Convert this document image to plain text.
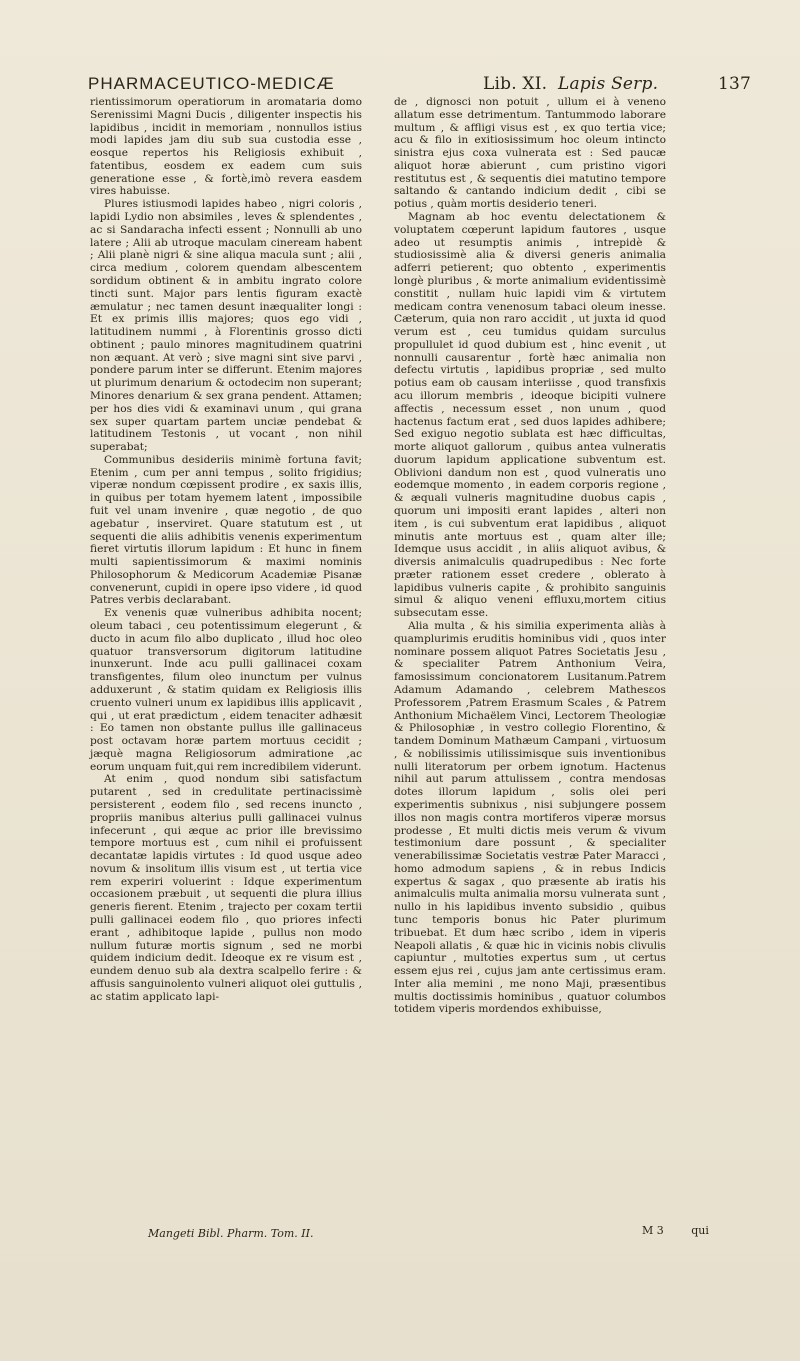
PHARMACEUTICO-MEDICÆ	Lib. XI. Lapis Serp.	137

rientissimorum operatiorum in aromataria domo Serenissimi Magni Ducis , diligenter inspectis his lapidibus , incidit in memoriam , nonnullos istius modi lapides jam diu sub sua custodia esse , eosque repertos his Religiosis exhibuit , fatentibus, eosdem ex eadem cum suis generatione esse , & fortè,imò revera easdem vires habuisse.

Plures istiusmodi lapides habeo , nigri coloris , lapidi Lydio non absimiles , leves & splendentes , ac si Sandaracha infecti essent ; Nonnulli ab uno latere ; Alii ab utroque maculam cineream habent ; Alii planè nigri & sine aliqua macula sunt ; alii , circa medium , colorem quendam albescentem sordidum obtinent & in ambitu ingrato colore tincti sunt. Major pars lentis figuram exactè æmulatur ; nec tamen desunt inæqualiter longi : Et ex primis illis majores; quos ego vidi , latitudinem nummi , à Florentinis grosso dicti obtinent ; paulo minores magnitudinem quatrini non æquant. At verò ; sive magni sint sive parvi , pondere parum inter se differunt. Etenim majores ut plurimum denarium & octodecim non superant; Minores denarium & sex grana pendent. Attamen; per hos dies vidi & examinavi unum , qui grana sex super quartam partem unciæ pendebat & latitudinem Testonis , ut vocant , non nihil superabat;

Communibus desideriis minimè fortuna favit; Etenim , cum per anni tempus , solito frigidius; viperæ nondum cœpissent prodire , ex saxis illis, in quibus per totam hyemem latent , impossibile fuit vel unam invenire , quæ negotio , de quo agebatur , inserviret. Quare statutum est , ut sequenti die aliis adhibitis venenis experimentum fieret virtutis illorum lapidum : Et hunc in finem multi sapientissimorum & maximi nominis Philosophorum & Medicorum Academiæ Pisanæ convenerunt, cupidi in opere ipso videre , id quod Patres verbis declarabant.

Ex venenis quæ vulneribus adhibita nocent; oleum tabaci , ceu potentissimum elegerunt , & ducto in acum filo albo duplicato , illud hoc oleo quatuor transversorum digitorum latitudine inunxerunt. Inde acu pulli gallinacei coxam transfigentes, filum oleo inunctum per vulnus adduxerunt , & statim quidam ex Religiosis illis cruento vulneri unum ex lapidibus illis applicavit , qui , ut erat prædictum , eidem tenaciter adhæsit : Eo tamen non obstante pullus ille gallinaceus post octavam horæ partem mortuus cecidit ; jæquè magna Religiosorum admiratione ,ac eorum unquam fuit,qui rem incredibilem viderunt.

At enim , quod nondum sibi satisfactum putarent , sed in credulitate pertinacissimè persisterent , eodem filo , sed recens inuncto , propriis manibus alterius pulli gallinacei vulnus infecerunt , qui æque ac prior ille brevissimo tempore mortuus est , cum nihil ei profuissent decantatæ lapidis virtutes : Id quod usque adeo novum & insolitum illis visum est , ut tertia vice rem experiri voluerint : Idque experimentum occasionem præbuit , ut sequenti die plura illius generis fierent. Etenim , trajecto per coxam tertii pulli gallinacei eodem filo , quo priores infecti erant , adhibitoque lapide , pullus non modo nullum futuræ mortis signum , sed ne morbi quidem indicium dedit. Ideoque ex re visum est , eundem denuo sub ala dextra scalpello ferire : & affusis sanguinolento vulneri aliquot olei guttulis , ac statim applicato lapi-

de , dignosci non potuit , ullum ei à veneno allatum esse detrimentum. Tantummodo laborare multum , & affligi visus est , ex quo tertia vice; acu & filo in exitiosissimum hoc oleum intincto sinistra ejus coxa vulnerata est : Sed paucæ aliquot horæ abierunt , cum pristino vigori restitutus est , & sequentis diei matutino tempore saltando & cantando indicium dedit , cibi se potius , quàm mortis desiderio teneri.

Magnam ab hoc eventu delectationem & voluptatem cœperunt lapidum fautores , usque adeo ut resumptis animis , intrepidè & studiosissimè alia & diversi generis animalia adferri petierent; quo obtento , experimentis longè pluribus , & morte animalium evidentissimè constitit , nullam huic lapidi vim & virtutem medicam contra venenosum tabaci oleum inesse. Cæterum, quia non raro accidit , ut juxta id quod verum est , ceu tumidus quidam surculus propullulet id quod dubium est , hinc evenit , ut nonnulli causarentur , fortè hæc animalia non defectu virtutis , lapidibus propriæ , sed multo potius eam ob causam interiisse , quod transfixis acu illorum membris , ideoque bicipiti vulnere affectis , necessum esset , non unum , quod hactenus factum erat , sed duos lapides adhibere; Sed exiguo negotio sublata est hæc difficultas, morte aliquot gallorum , quibus antea vulneratis duorum lapidum applicatione subventum est. Oblivioni dandum non est , quod vulneratis uno eodemque momento , in eadem corporis regione , & æquali vulneris magnitudine duobus capis , quorum uni impositi erant lapides , alteri non item , is cui subventum erat lapidibus , aliquot minutis ante mortuus est , quam alter ille; Idemque usus accidit , in aliis aliquot avibus, & diversis animalculis quadrupedibus : Nec forte præter rationem esset credere , oblerato à lapidibus vulneris capite , & prohibito sanguinis simul & aliquo veneni effluxu,mortem citius subsecutam esse.

Alia multa , & his similia experimenta aliàs à quamplurimis eruditis hominibus vidi , quos inter nominare possem aliquot Patres Societatis Jesu , & specialiter Patrem Anthonium Veira, famosissimum concionatorem Lusitanum.Patrem Adamum Adamando , celebrem Mathesεos Professorem ,Patrem Erasmum Scales , & Patrem Anthonium Michaëlem Vinci, Lectorem Theologiæ & Philosophiæ , in vestro collegio Florentino, & tandem Dominum Mathæum Campani , virtuosum , & nobilissimis utilissimisque suis inventionibus nulli literatorum per orbem ignotum. Hactenus nihil aut parum attulissem , contra mendosas dotes illorum lapidum , solis olei peri experimentis subnixus , nisi subjungere possem illos non magis contra mortiferos viperæ morsus prodesse , Et multi dictis meis verum & vivum testimonium dare possunt , & specialiter venerabilissimæ Societatis vestræ Pater Maracci , homo admodum sapiens , & in rebus Indicis expertus & sagax , quo præsente ab iratis his animalculis multa animalia morsu vulnerata sunt , nullo in his lapidibus invento subsidio , quibus tunc temporis bonus hic Pater plurimum tribuebat. Et dum hæc scribo , idem in viperis Neapoli allatis , & quæ hic in vicinis nobis clivulis capiuntur , multoties expertus sum , ut certus essem ejus rei , cujus jam ante certissimus eram. Inter alia memini , me nono Maji, præsentibus multis doctissimis hominibus , quatuor columbos totidem viperis mordendos exhibuisse,

Mangeti Bibl. Pharm. Tom. II.	M 3	qui
